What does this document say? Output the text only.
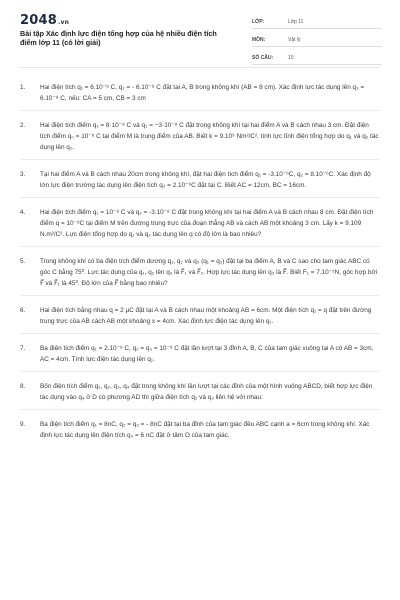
2048.vn
Bài tập Xác định lực điện tổng hợp của hệ nhiều điện tích điểm lớp 11 (có lời giải)
LỚP:	Lớp 11
MÔN:	Vật lý
SỐ CÂU:	10
1.	Hai điện tích q₁ = 6.10⁻⁸ C, q₂ = - 6.10⁻⁸ C đặt tại A, B trong không khí (AB = 8 cm). Xác định lực tác dụng lên q₃ = 6.10⁻⁸ C, nếu: CA = 5 cm, CB = 3 cm
2.	Hai điện tích điểm q₁ = 8·10⁻⁸ C và q₂ = −3·10⁻⁸ C đặt trong không khí tại hai điểm A và B cách nhau 3 cm. Đặt điện tích điểm q₀ = 10⁻⁸ C tại điểm M là trung điểm của AB. Biết k = 9.10⁹ Nm²/C², tính lực tĩnh điện tổng hợp do q₁ và q₂ tác dụng lên q₀.
3.	Tại hai điểm A và B cách nhau 20cm trong không khí, đặt hai điện tích điểm q₁ = -3.10⁻⁶C, q₂ = 8.10⁻⁶C. Xác định độ lớn lực điện trường tác dụng lên điện tích q₃ = 2.10⁻⁶C đặt tại C. Biết AC = 12cm, BC = 16cm.
4.	Hai điện tích điểm q₁ = 10⁻⁸ C và q₂ = -3.10⁻⁸ C đặt trong không khí tại hai điểm A và B cách nhau 8 cm. Đặt điện tích điểm q = 10⁻⁸C tại điểm M trên đường trung trực của đoạn thẳng AB và cách AB một khoảng 3 cm. Lấy k = 9.109 N.m²/C². Lực điện tổng hợp do q₁ và q₂ tác dụng lên q có độ lớn là bao nhiêu?
5.	Trong không khí có ba điện tích điểm dương q₁, q₂ và q₃ (q₁ = q₂) đặt tại ba điểm A, B và C sao cho tam giác ABC có góc C bằng 75⁰. Lực tác dụng của q₁, q₂ lên q₃ là F⃗₁ và F⃗₂. Hợp lực tác dụng lên q₃ là F⃗. Biết F₁ = 7.10⁻⁵N, góc hợp bởi F⃗ và F⃗₁ là 45⁰. Độ lớn của F⃗ bằng bao nhiêu?
6.	Hai điện tích bằng nhau q = 2 μC đặt tại A và B cách nhau một khoảng AB = 6cm. Một điện tích q₁ = q đặt trên đường trung trực của AB cách AB một khoảng x = 4cm. Xác định lực điện tác dụng lên q₁.
7.	Ba điện tích điểm q₁ = 2.10⁻⁸ C, q₂ = q₃ = 10⁻⁸ C đặt lần lượt tại 3 đỉnh A, B, C của tam giác vuông tại A có AB = 3cm, AC = 4cm. Tính lực điện tác dụng lên q₁.
8.	Bốn điện tích điểm q₁, q₂, q₃, q₄ đặt trong không khí lần lượt tại các đỉnh của một hình vuông ABCD, biết hợp lực điện tác dụng vào q₄ ở D có phương AD thì giữa điện tích q₂ và q₃ liên hệ với nhau:
9.	Ba điện tích điểm q₁ = 8nC, q₂ = q₃ = - 8nC đặt tại ba đỉnh của tam giác đều ABC cạnh a = 6cm trong không khí. Xác định lực tác dụng lên điện tích q₀ = 6 nC đặt ở tâm O của tam giác.
